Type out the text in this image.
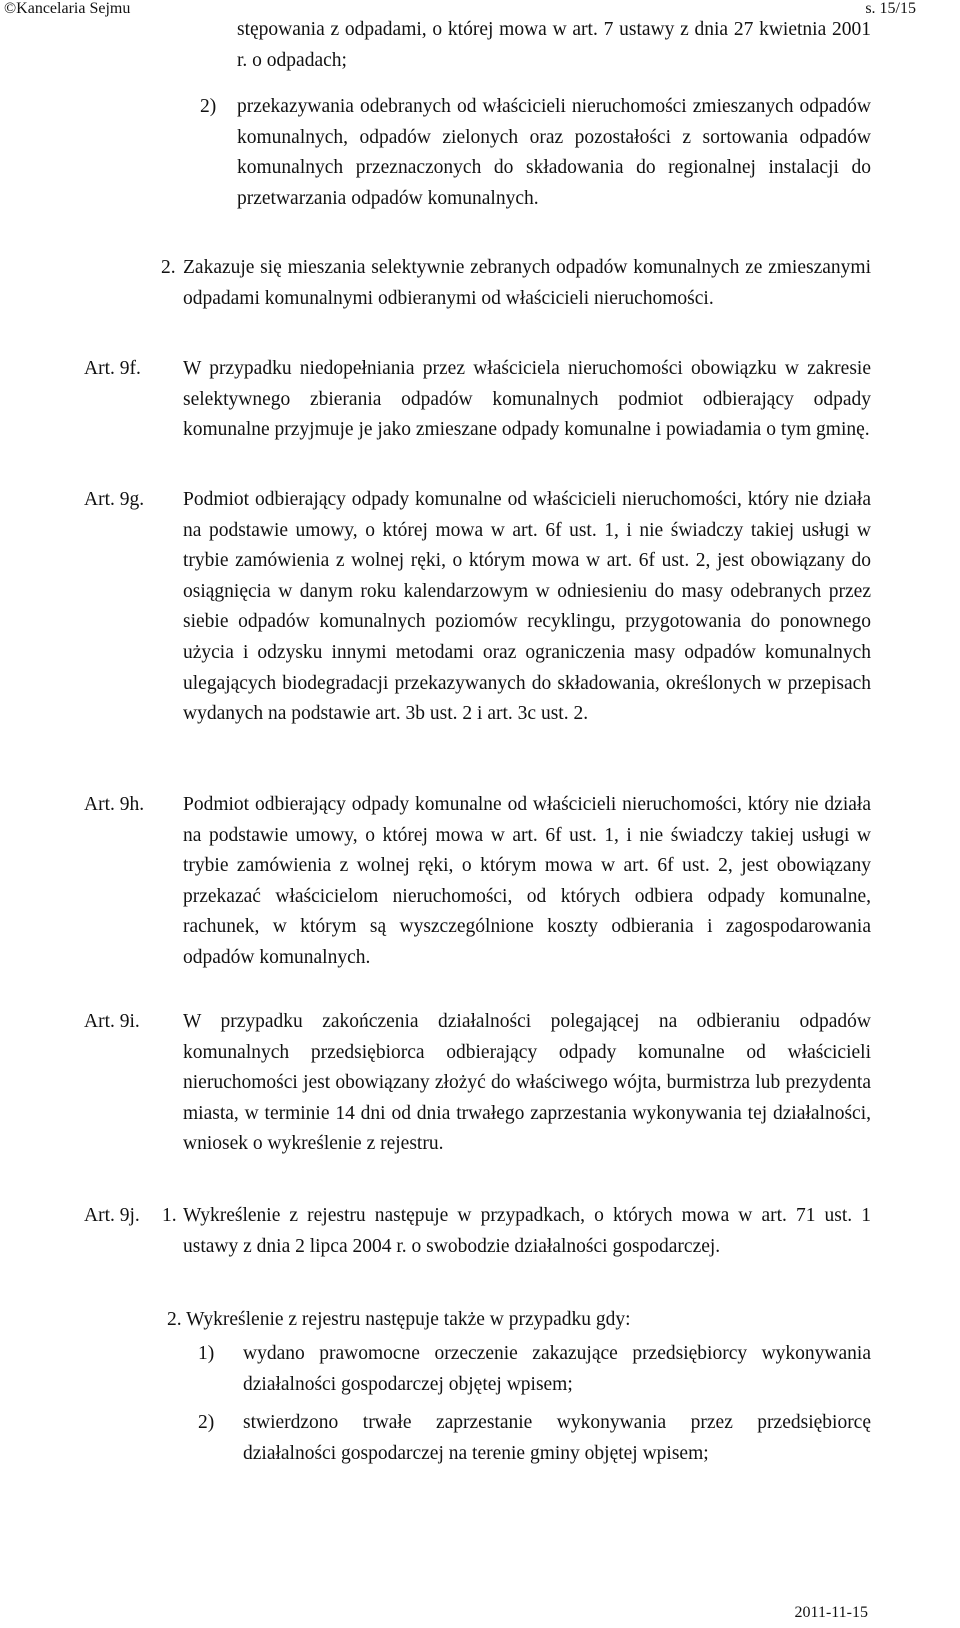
©Kancelaria Sejmu	s. 15/15

stępowania z odpadami, o której mowa w art. 7 ustawy z dnia 27 kwietnia 2001 r. o odpadach;

2) przekazywania odebranych od właścicieli nieruchomości zmieszanych odpadów komunalnych, odpadów zielonych oraz pozostałości z sortowania odpadów komunalnych przeznaczonych do składowania do regionalnej instalacji do przetwarzania odpadów komunalnych.

2. Zakazuje się mieszania selektywnie zebranych odpadów komunalnych ze zmieszanymi odpadami komunalnymi odbieranymi od właścicieli nieruchomości.

Art. 9f. W przypadku niedopełniania przez właściciela nieruchomości obowiązku w zakresie selektywnego zbierania odpadów komunalnych podmiot odbierający odpady komunalne przyjmuje je jako zmieszane odpady komunalne i powiadamia o tym gminę.

Art. 9g. Podmiot odbierający odpady komunalne od właścicieli nieruchomości, który nie działa na podstawie umowy, o której mowa w art. 6f ust. 1, i nie świadczy takiej usługi w trybie zamówienia z wolnej ręki, o którym mowa w art. 6f ust. 2, jest obowiązany do osiągnięcia w danym roku kalendarzowym w odniesieniu do masy odebranych przez siebie odpadów komunalnych poziomów recyklingu, przygotowania do ponownego użycia i odzysku innymi metodami oraz ograniczenia masy odpadów komunalnych ulegających biodegradacji przekazywanych do składowania, określonych w przepisach wydanych na podstawie art. 3b ust. 2 i art. 3c ust. 2.

Art. 9h. Podmiot odbierający odpady komunalne od właścicieli nieruchomości, który nie działa na podstawie umowy, o której mowa w art. 6f ust. 1, i nie świadczy takiej usługi w trybie zamówienia z wolnej ręki, o którym mowa w art. 6f ust. 2, jest obowiązany przekazać właścicielom nieruchomości, od których odbiera odpady komunalne, rachunek, w którym są wyszczególnione koszty odbierania i zagospodarowania odpadów komunalnych.

Art. 9i. W przypadku zakończenia działalności polegającej na odbieraniu odpadów komunalnych przedsiębiorca odbierający odpady komunalne od właścicieli nieruchomości jest obowiązany złożyć do właściwego wójta, burmistrza lub prezydenta miasta, w terminie 14 dni od dnia trwałego zaprzestania wykonywania tej działalności, wniosek o wykreślenie z rejestru.

Art. 9j. 1. Wykreślenie z rejestru następuje w przypadkach, o których mowa w art. 71 ust. 1 ustawy z dnia 2 lipca 2004 r. o swobodzie działalności gospodarczej.

2. Wykreślenie z rejestru następuje także w przypadku gdy:

1) wydano prawomocne orzeczenie zakazujące przedsiębiorcy wykonywania działalności gospodarczej objętej wpisem;

2) stwierdzono trwałe zaprzestanie wykonywania przez przedsiębiorcę działalności gospodarczej na terenie gminy objętej wpisem;

2011-11-15
